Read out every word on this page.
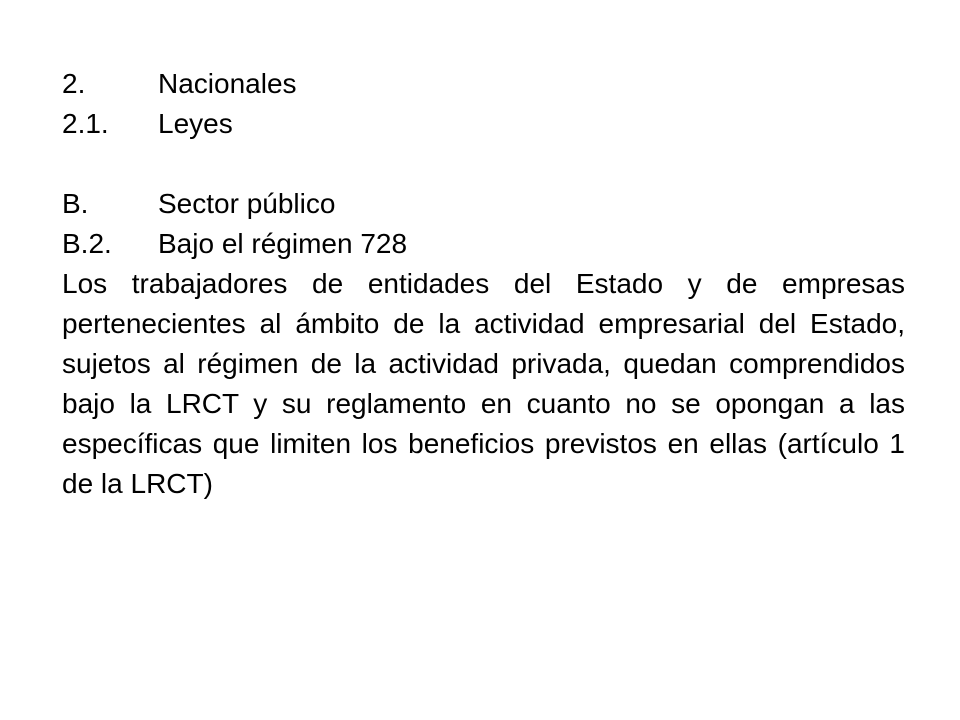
2.	Nacionales
2.1.	Leyes
B.	Sector público
B.2.	Bajo el régimen 728

Los trabajadores de entidades del Estado y de empresas pertenecientes al ámbito de la actividad empresarial del Estado, sujetos al régimen de la actividad privada, quedan comprendidos bajo la LRCT y su reglamento en cuanto no se opongan a las específicas que limiten los beneficios previstos en ellas (artículo 1 de la LRCT)
